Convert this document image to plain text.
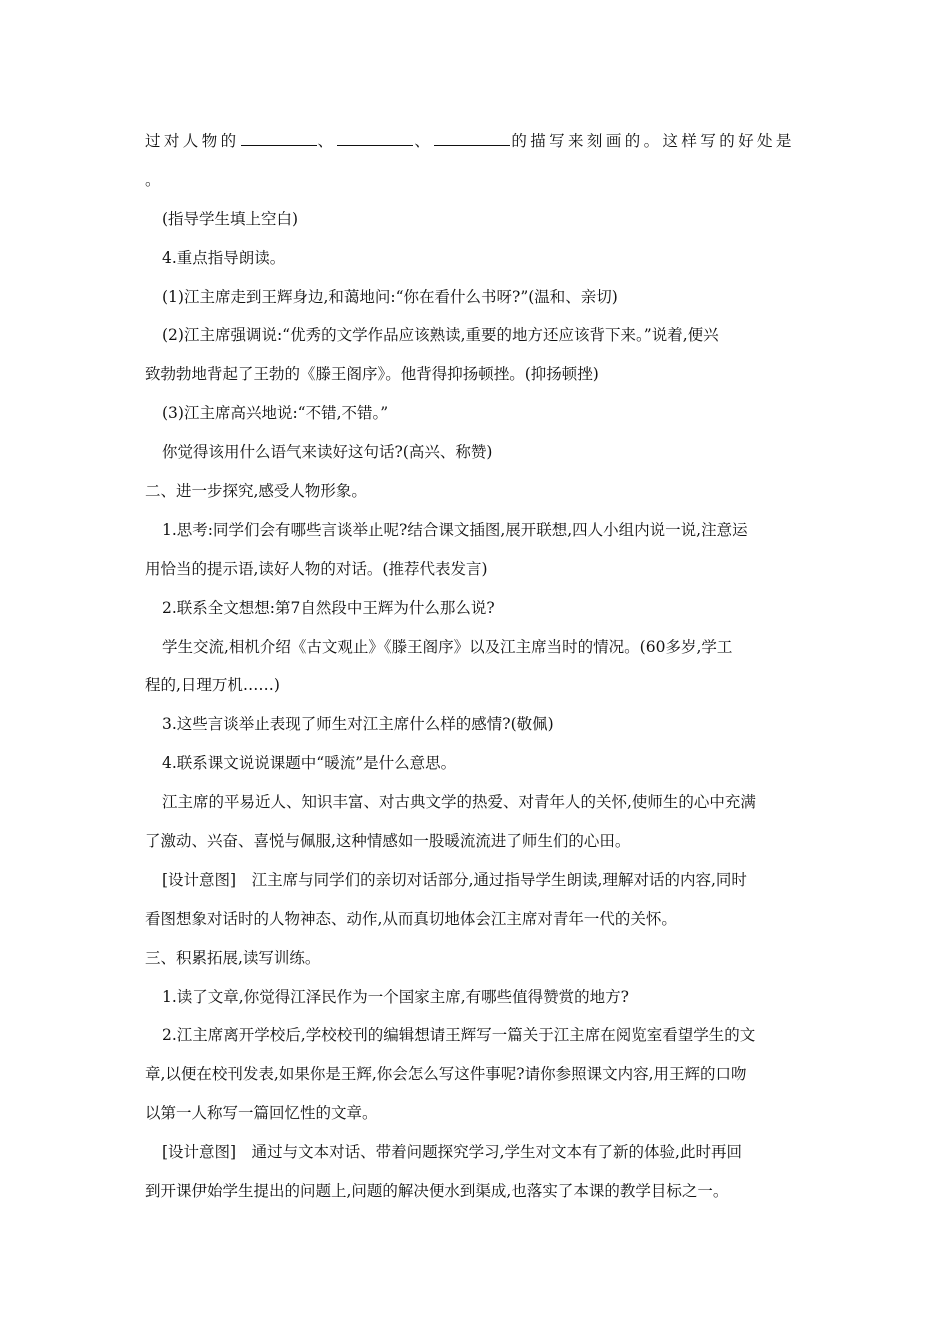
过对人物的	、	、	的描写来刻画的。这样写的好处是
。
(指导学生填上空白)
4.重点指导朗读。
(1)江主席走到王辉身边,和蔼地问:“你在看什么书呀?”(温和、亲切)
(2)江主席强调说:“优秀的文学作品应该熟读,重要的地方还应该背下来。”说着,便兴
致勃勃地背起了王勃的《滕王阁序》。他背得抑扬顿挫。(抑扬顿挫)
(3)江主席高兴地说:“不错,不错。”
你觉得该用什么语气来读好这句话?(高兴、称赞)
二、进一步探究,感受人物形象。
1.思考:同学们会有哪些言谈举止呢?结合课文插图,展开联想,四人小组内说一说,注意运
用恰当的提示语,读好人物的对话。(推荐代表发言)
2.联系全文想想:第7自然段中王辉为什么那么说?
学生交流,相机介绍《古文观止》《滕王阁序》以及江主席当时的情况。(60多岁,学工
程的,日理万机……)
3.这些言谈举止表现了师生对江主席什么样的感情?(敬佩)
4.联系课文说说课题中“暖流”是什么意思。
江主席的平易近人、知识丰富、对古典文学的热爱、对青年人的关怀,使师生的心中充满
了激动、兴奋、喜悦与佩服,这种情感如一股暖流流进了师生们的心田。
[设计意图]　江主席与同学们的亲切对话部分,通过指导学生朗读,理解对话的内容,同时
看图想象对话时的人物神态、动作,从而真切地体会江主席对青年一代的关怀。
三、积累拓展,读写训练。
1.读了文章,你觉得江泽民作为一个国家主席,有哪些值得赞赏的地方?
2.江主席离开学校后,学校校刊的编辑想请王辉写一篇关于江主席在阅览室看望学生的文
章,以便在校刊发表,如果你是王辉,你会怎么写这件事呢?请你参照课文内容,用王辉的口吻
以第一人称写一篇回忆性的文章。
[设计意图]　通过与文本对话、带着问题探究学习,学生对文本有了新的体验,此时再回
到开课伊始学生提出的问题上,问题的解决便水到渠成,也落实了本课的教学目标之一。
